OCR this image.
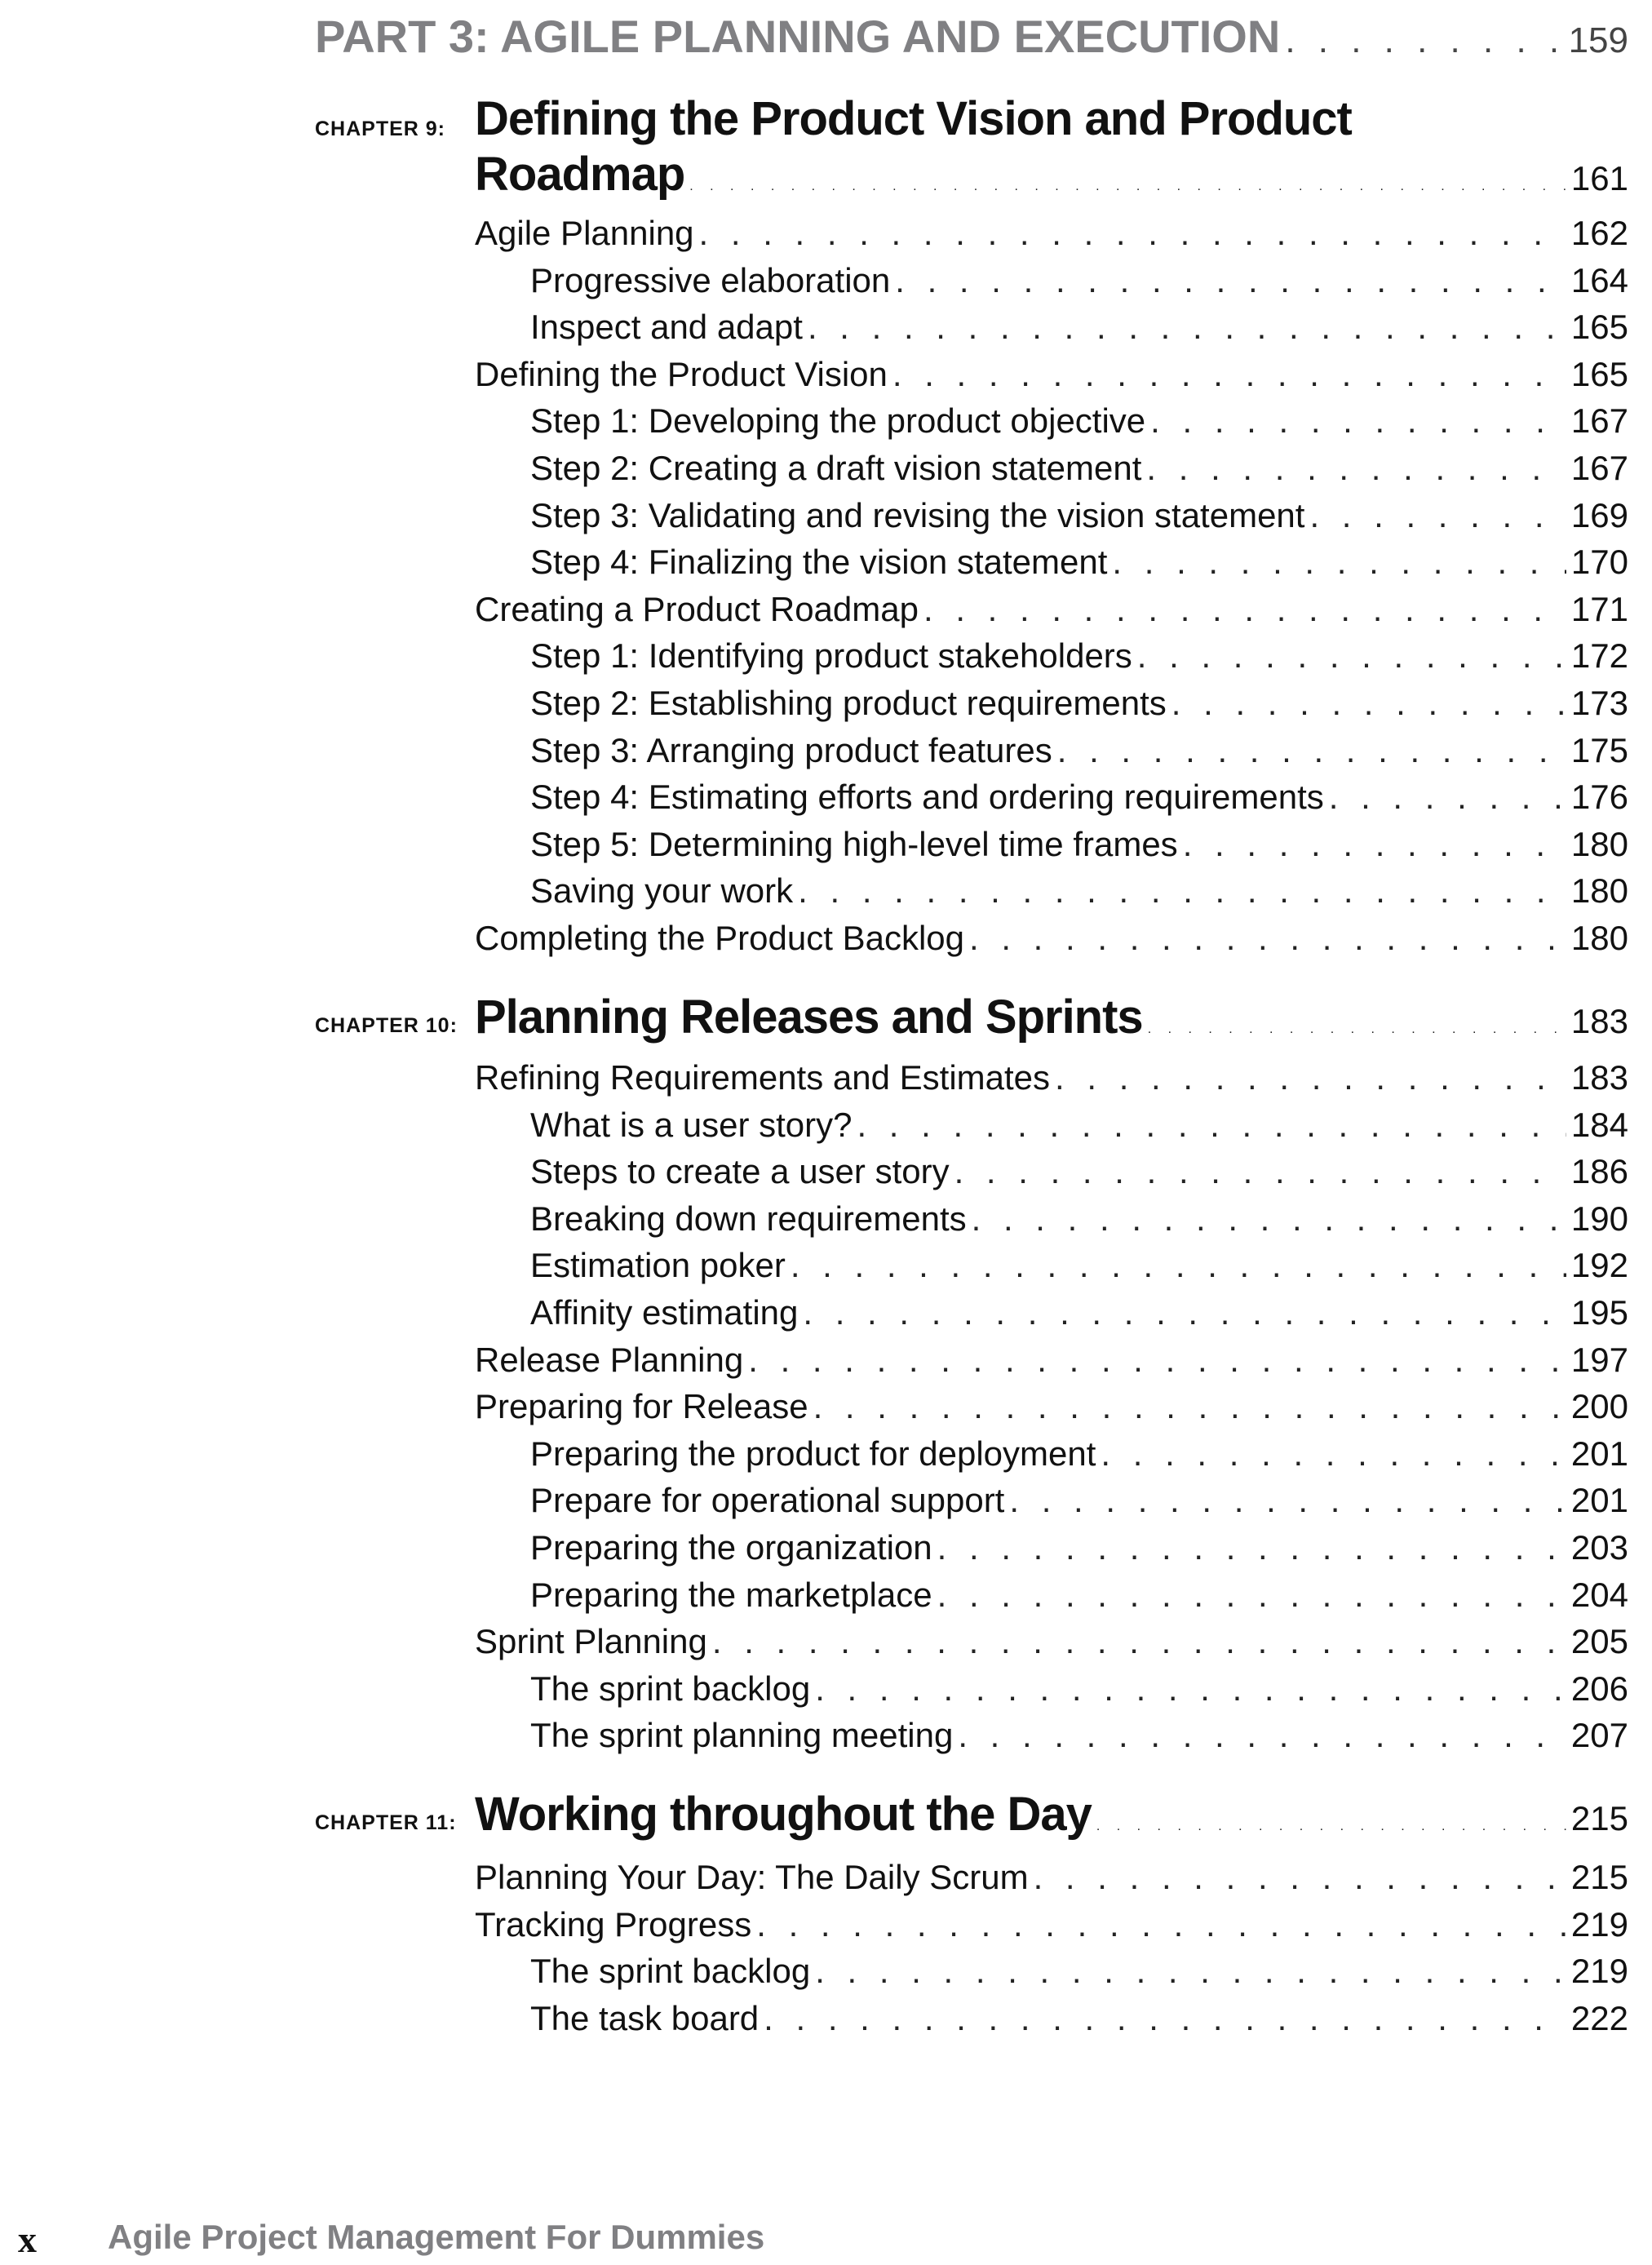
PART 3: AGILE PLANNING AND EXECUTION . . .	159
CHAPTER 9: Defining the Product Vision and Product
Roadmap . . .	161
Agile Planning . . .	162
Progressive elaboration . . .	164
Inspect and adapt . . .	165
Defining the Product Vision . . .	165
Step 1: Developing the product objective . . .	167
Step 2: Creating a draft vision statement . . .	167
Step 3: Validating and revising the vision statement . . .	169
Step 4: Finalizing the vision statement . . .	170
Creating a Product Roadmap . . .	171
Step 1: Identifying product stakeholders . . .	172
Step 2: Establishing product requirements . . .	173
Step 3: Arranging product features . . .	175
Step 4: Estimating efforts and ordering requirements . . .	176
Step 5: Determining high-level time frames . . .	180
Saving your work . . .	180
Completing the Product Backlog . . .	180
CHAPTER 10: Planning Releases and Sprints . . .	183
Refining Requirements and Estimates . . .	183
What is a user story? . . .	184
Steps to create a user story . . .	186
Breaking down requirements . . .	190
Estimation poker . . .	192
Affinity estimating . . .	195
Release Planning . . .	197
Preparing for Release . . .	200
Preparing the product for deployment . . .	201
Prepare for operational support . . .	201
Preparing the organization . . .	203
Preparing the marketplace . . .	204
Sprint Planning . . .	205
The sprint backlog . . .	206
The sprint planning meeting . . .	207
CHAPTER 11: Working throughout the Day . . .	215
Planning Your Day: The Daily Scrum . . .	215
Tracking Progress . . .	219
The sprint backlog . . .	219
The task board . . .	222
x Agile Project Management For Dummies
